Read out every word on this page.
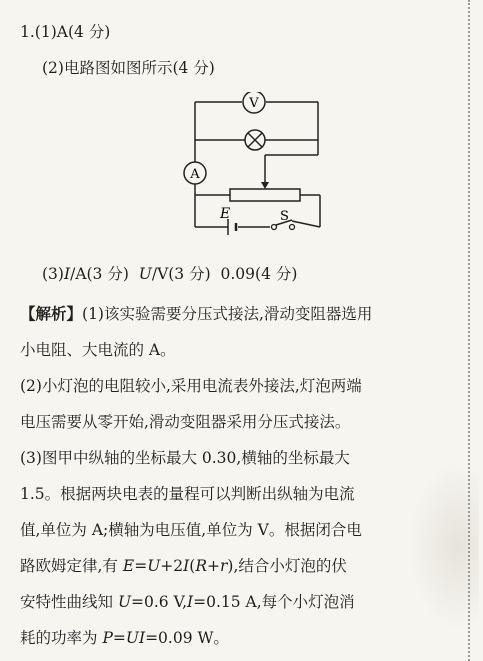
1.(1)A(4 分)
(2)电路图如图所示(4 分)
V
A
E	S
(3)I/A(3 分) U/V(3 分) 0.09(4 分)
【解析】(1)该实验需要分压式接法,滑动变阻器选用
小电阻、大电流的 A。
(2)小灯泡的电阻较小,采用电流表外接法,灯泡两端
电压需要从零开始,滑动变阻器采用分压式接法。
(3)图甲中纵轴的坐标最大 0.30,横轴的坐标最大
1.5。根据两块电表的量程可以判断出纵轴为电流
值,单位为 A;横轴为电压值,单位为 V。根据闭合电
路欧姆定律,有 E=U+2I(R+r),结合小灯泡的伏
安特性曲线知 U=0.6 V,I=0.15 A,每个小灯泡消
耗的功率为 P=UI=0.09 W。
